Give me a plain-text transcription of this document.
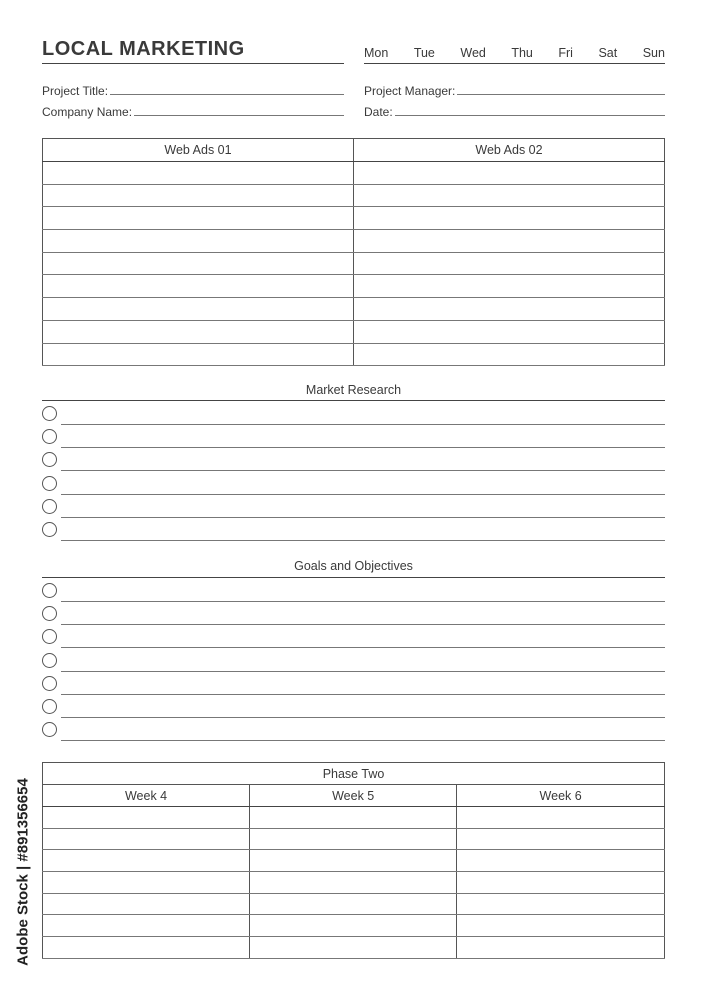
LOCAL MARKETING	Mon Tue Wed Thu Fri Sat Sun
Project Title:
Company Name:
Project Manager:
Date:
Web Ads 01	Web Ads 02

Market Research
Goals and Objectives
Phase Two		
Week 4	Week 5	Week 6

Adobe Stock | #891356654
